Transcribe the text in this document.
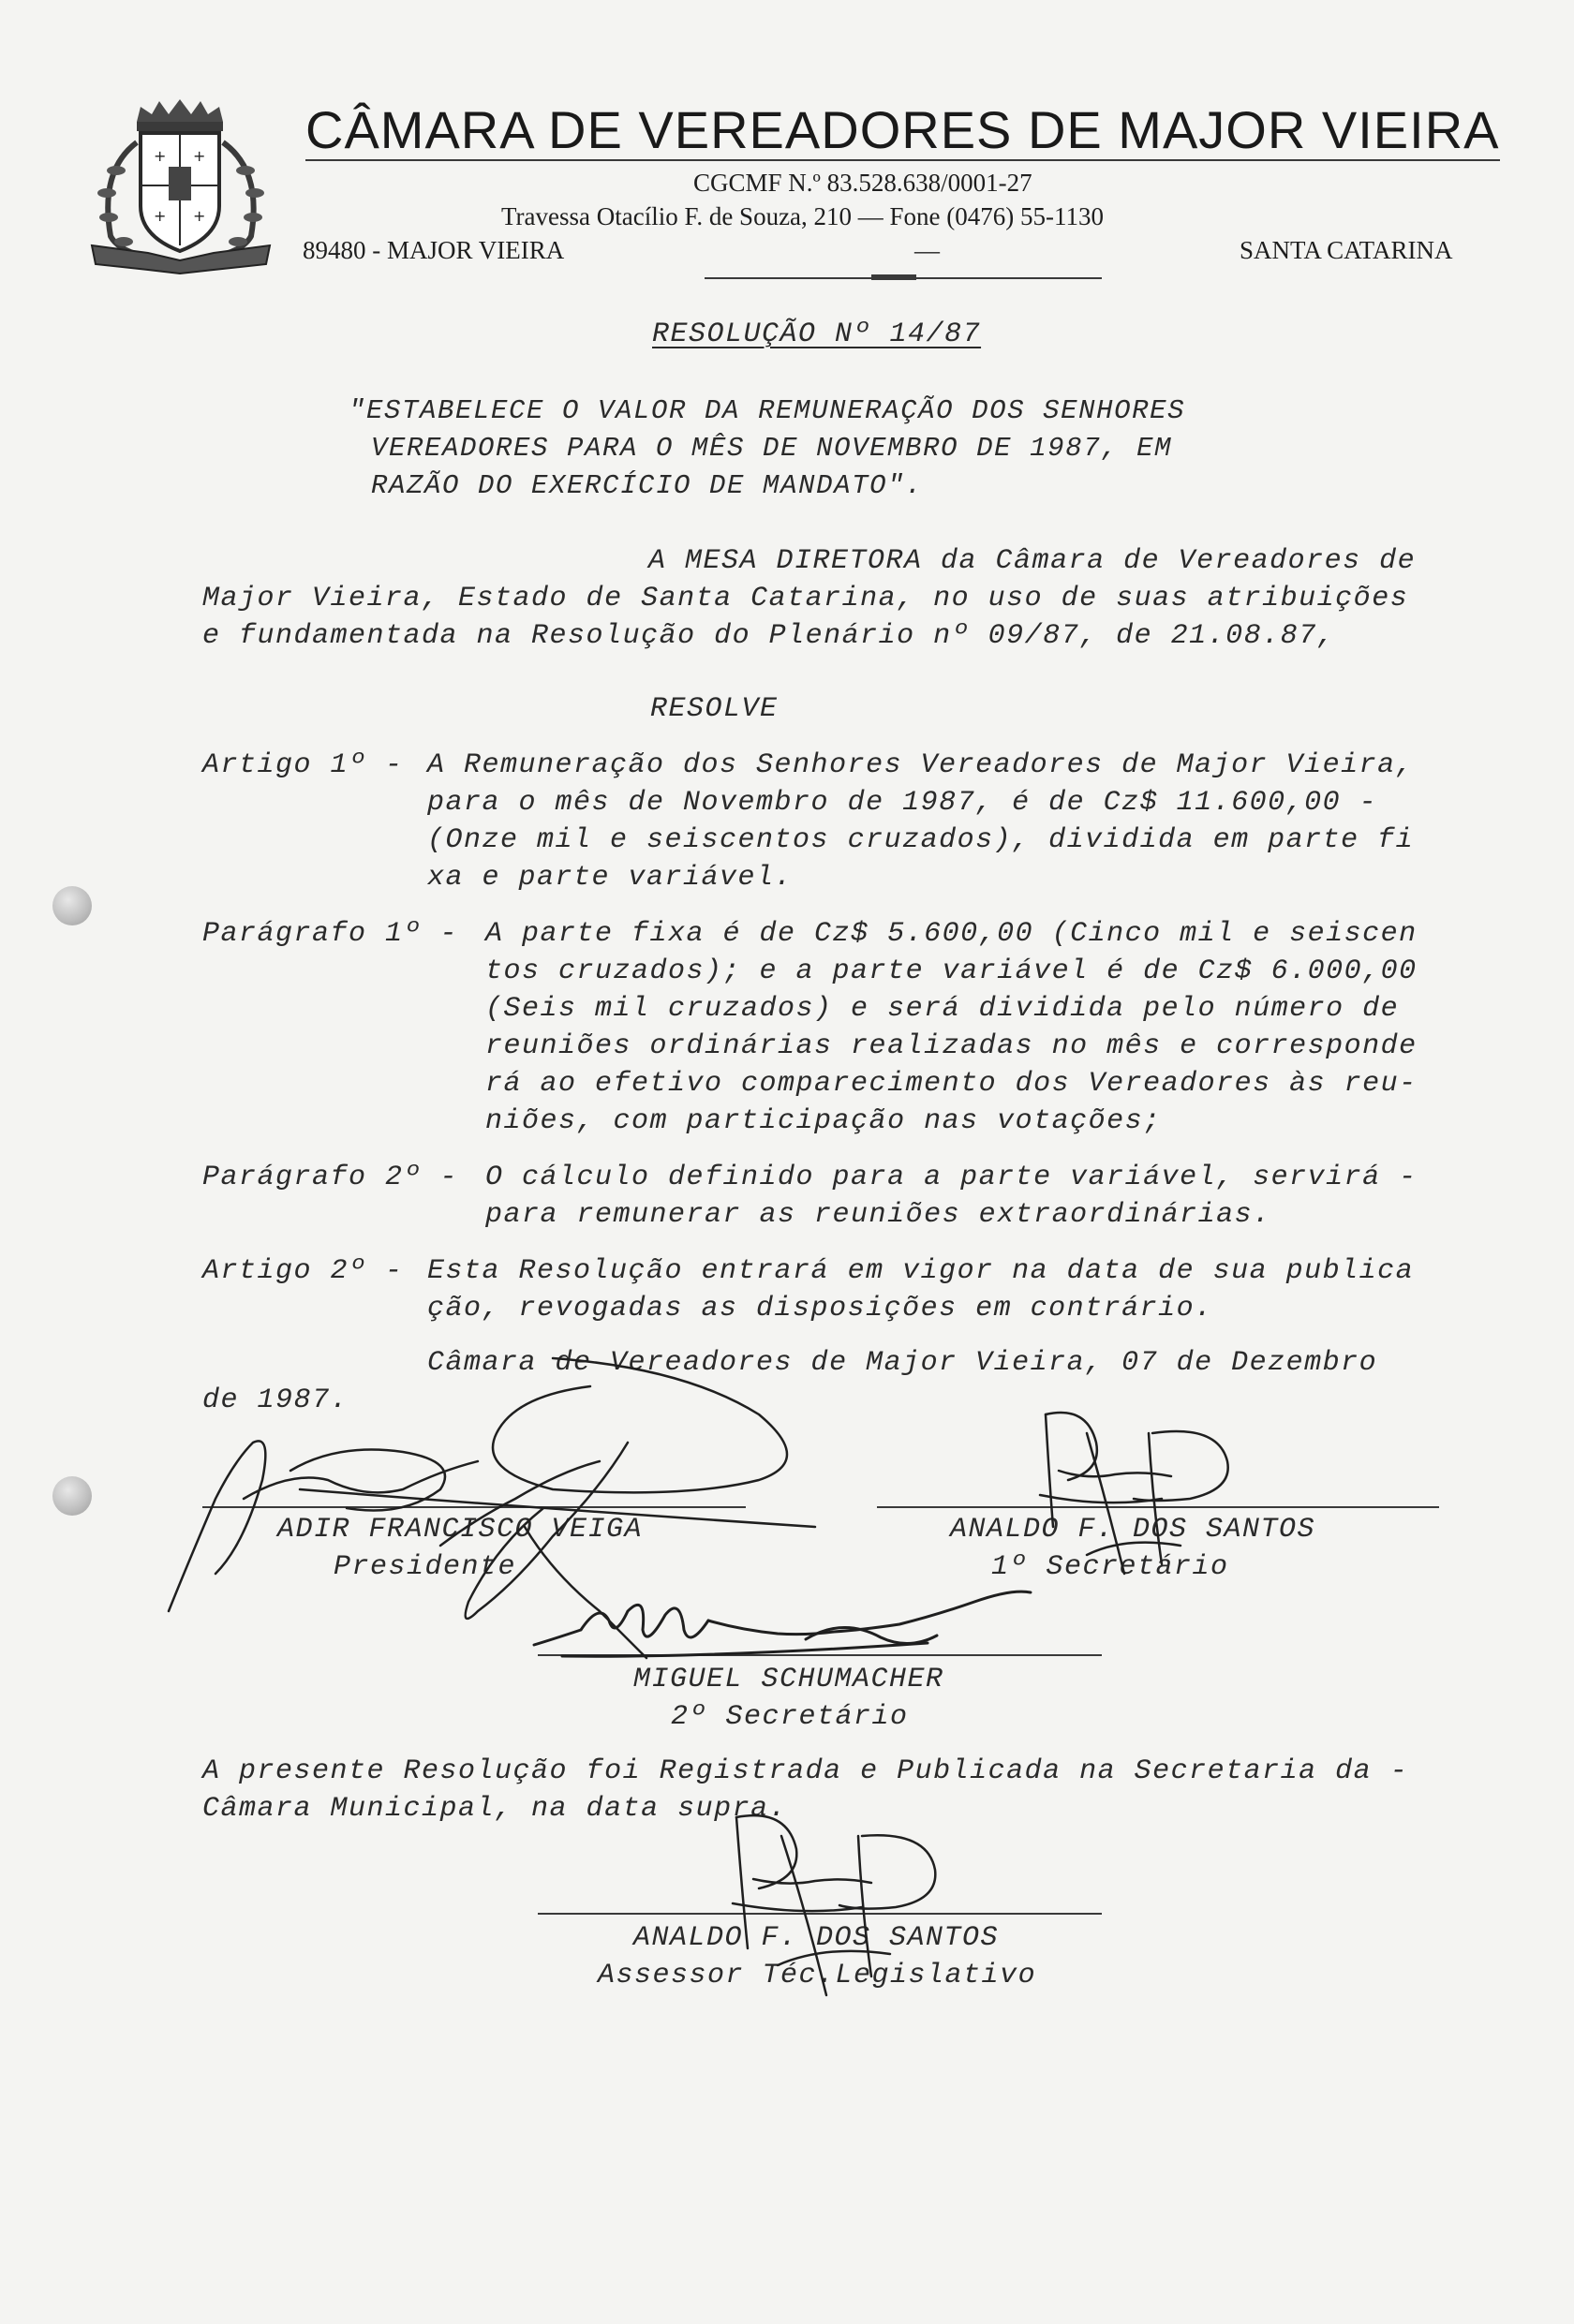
+ +
+ +
CÂMARA DE VEREADORES DE MAJOR VIEIRA
CGCMF N.º 83.528.638/0001-27
Travessa Otacílio F. de Souza, 210 — Fone (0476) 55-1130
89480 - MAJOR VIEIRA	—	SANTA CATARINA
RESOLUÇÃO Nº 14/87
"ESTABELECE O VALOR DA REMUNERAÇÃO DOS SENHORES
VEREADORES PARA O MÊS DE NOVEMBRO DE 1987, EM
RAZÃO DO EXERCÍCIO DE MANDATO".
A MESA DIRETORA da Câmara de Vereadores de
Major Vieira, Estado de Santa Catarina, no uso de suas atribuições
e fundamentada na Resolução do Plenário nº 09/87, de 21.08.87,
RESOLVE
Artigo 1º - A Remuneração dos Senhores Vereadores de Major Vieira,
para o mês de Novembro de 1987, é de Cz$ 11.600,00 -
(Onze mil e seiscentos cruzados), dividida em parte fi
xa e parte variável.
Parágrafo 1º - A parte fixa é de Cz$ 5.600,00 (Cinco mil e seiscen
tos cruzados); e a parte variável é de Cz$ 6.000,00
(Seis mil cruzados) e será dividida pelo número de
reuniões ordinárias realizadas no mês e corresponde
rá ao efetivo comparecimento dos Vereadores às reu-
niões, com participação nas votações;
Parágrafo 2º - O cálculo definido para a parte variável, servirá -
para remunerar as reuniões extraordinárias.
Artigo 2º - Esta Resolução entrará em vigor na data de sua publica
ção, revogadas as disposições em contrário.
Câmara de Vereadores de Major Vieira, 07 de Dezembro
de 1987.
ADIR FRANCISCO VEIGA
Presidente
ANALDO F. DOS SANTOS
1º Secretário
MIGUEL SCHUMACHER
2º Secretário
A presente Resolução foi Registrada e Publicada na Secretaria da -
Câmara Municipal, na data supra.
ANALDO F. DOS SANTOS
Assessor Téc.Legislativo
